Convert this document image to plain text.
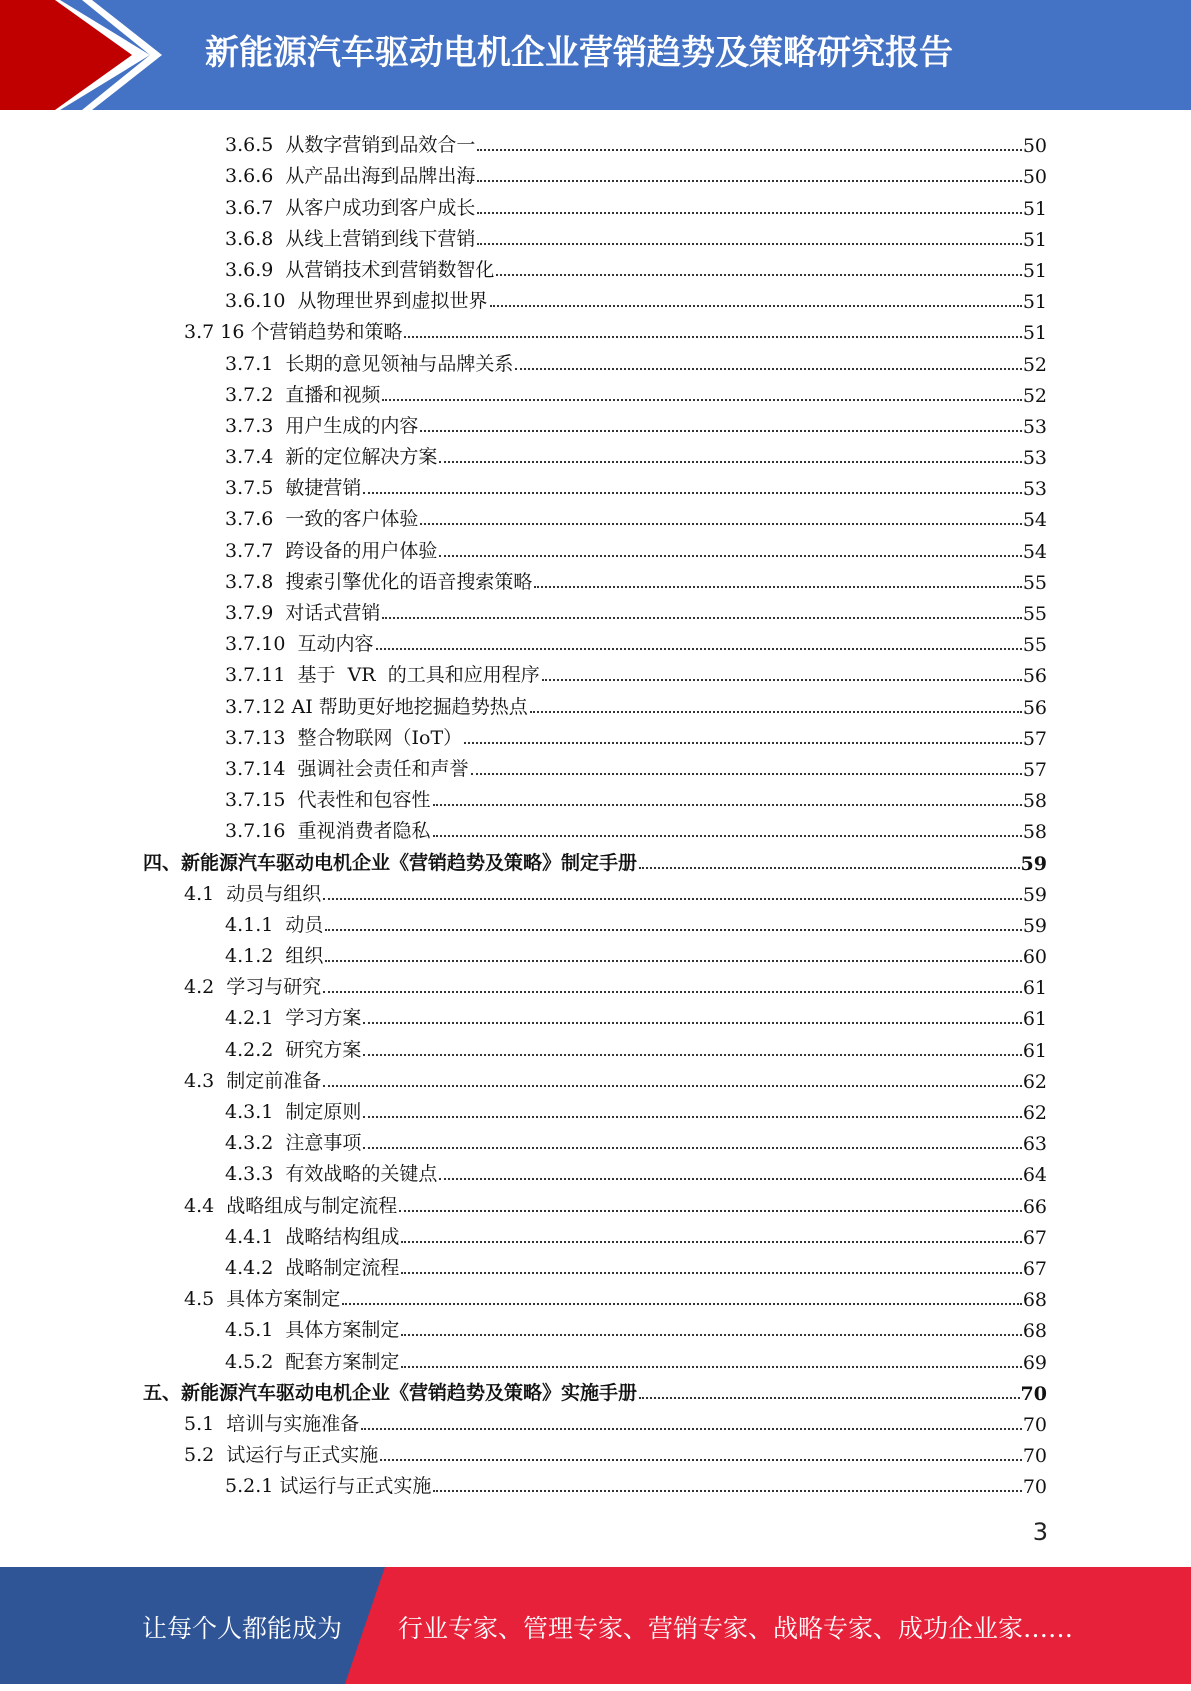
新能源汽车驱动电机企业营销趋势及策略研究报告
3.6.5  从数字营销到品效合一	50
3.6.6  从产品出海到品牌出海	50
3.6.7  从客户成功到客户成长	51
3.6.8  从线上营销到线下营销	51
3.6.9  从营销技术到营销数智化	51
3.6.10  从物理世界到虚拟世界	51
3.7 16 个营销趋势和策略	51
3.7.1  长期的意见领袖与品牌关系	52
3.7.2  直播和视频	52
3.7.3  用户生成的内容	53
3.7.4  新的定位解决方案	53
3.7.5  敏捷营销	53
3.7.6  一致的客户体验	54
3.7.7  跨设备的用户体验	54
3.7.8  搜索引擎优化的语音搜索策略	55
3.7.9  对话式营销	55
3.7.10  互动内容	55
3.7.11  基于  VR  的工具和应用程序	56
3.7.12 AI 帮助更好地挖掘趋势热点	56
3.7.13  整合物联网（IoT）	57
3.7.14  强调社会责任和声誉	57
3.7.15  代表性和包容性	58
3.7.16  重视消费者隐私	58
四、新能源汽车驱动电机企业《营销趋势及策略》制定手册	59
4.1  动员与组织	59
4.1.1  动员	59
4.1.2  组织	60
4.2  学习与研究	61
4.2.1  学习方案	61
4.2.2  研究方案	61
4.3  制定前准备	62
4.3.1  制定原则	62
4.3.2  注意事项	63
4.3.3  有效战略的关键点	64
4.4  战略组成与制定流程	66
4.4.1  战略结构组成	67
4.4.2  战略制定流程	67
4.5  具体方案制定	68
4.5.1  具体方案制定	68
4.5.2  配套方案制定	69
五、新能源汽车驱动电机企业《营销趋势及策略》实施手册	70
5.1  培训与实施准备	70
5.2  试运行与正式实施	70
5.2.1 试运行与正式实施	70
3
让每个人都能成为 行业专家、管理专家、营销专家、战略专家、成功企业家……
